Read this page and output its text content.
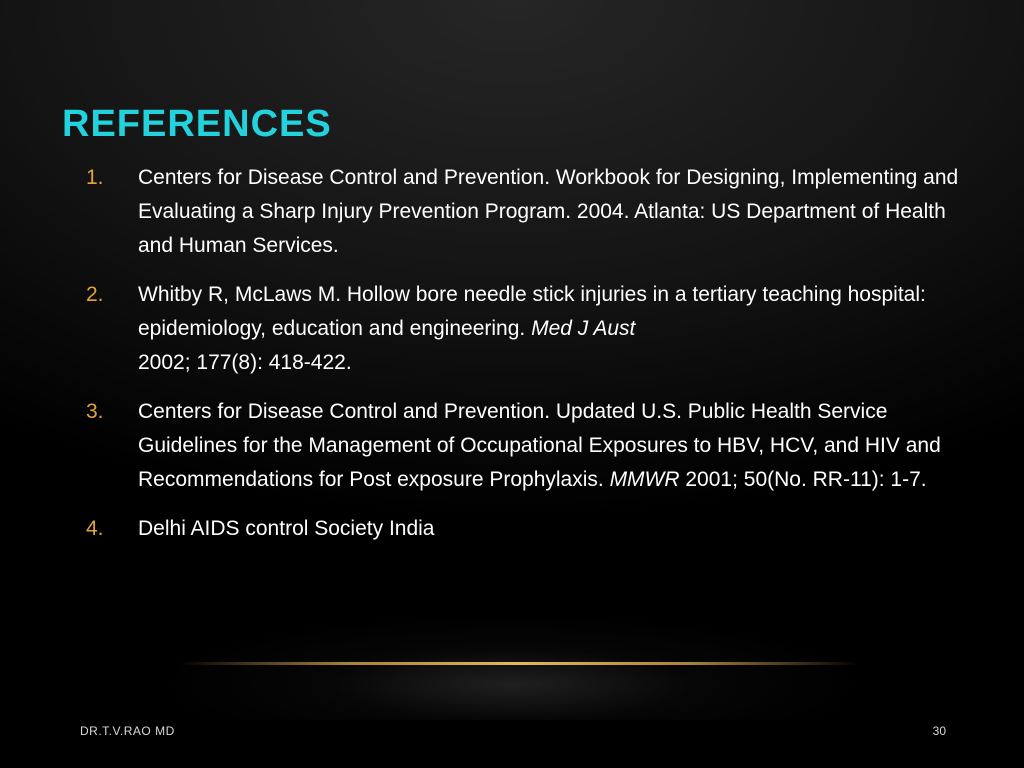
REFERENCES
1.	Centers for Disease Control and Prevention. Workbook for Designing, Implementing and Evaluating a Sharp Injury Prevention Program. 2004. Atlanta: US Department of Health and Human Services.
2.	Whitby R, McLaws M. Hollow bore needle stick injuries in a tertiary teaching hospital: epidemiology, education and engineering. Med J Aust
2002; 177(8): 418-422.
3.	Centers for Disease Control and Prevention. Updated U.S. Public Health Service Guidelines for the Management of Occupational Exposures to HBV, HCV, and HIV and Recommendations for Post exposure Prophylaxis. MMWR 2001; 50(No. RR-11): 1-7.
4.	Delhi AIDS control Society India
DR.T.V.RAO MD	30
